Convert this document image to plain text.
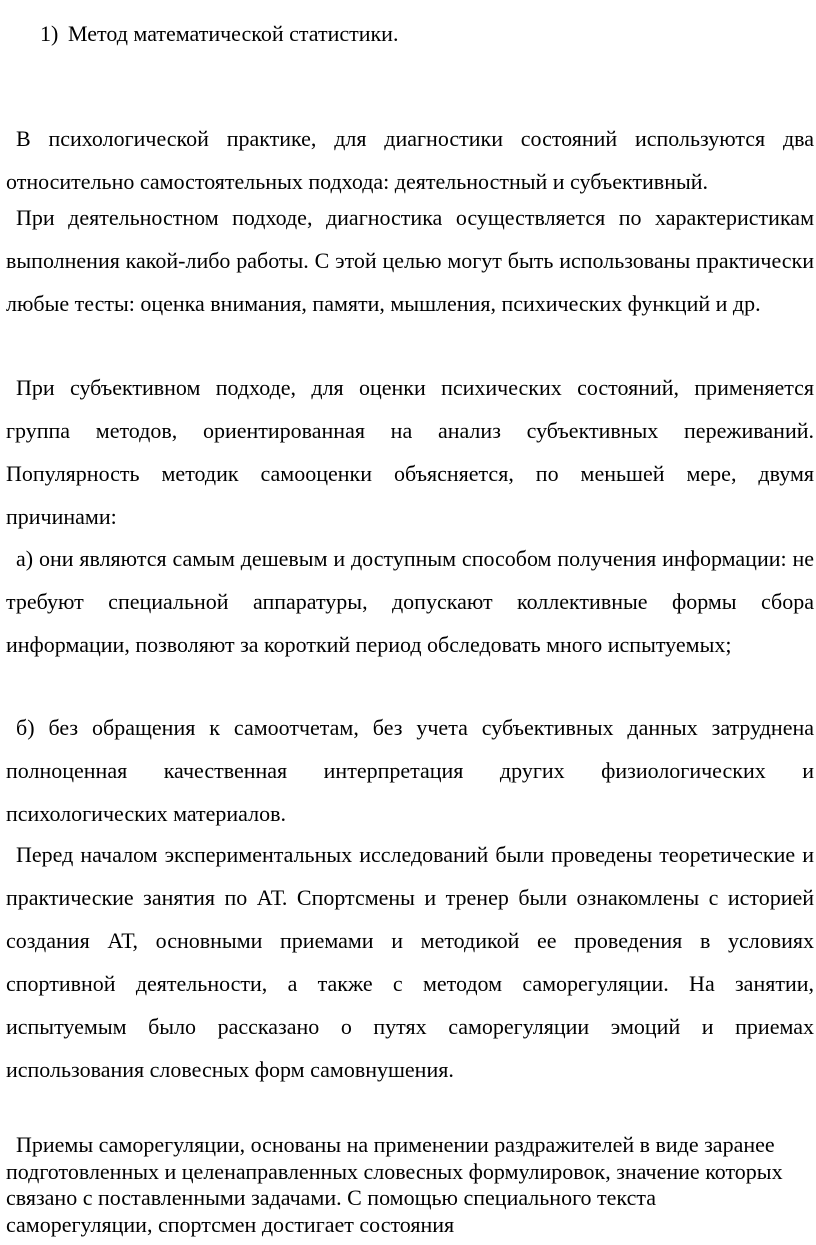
1) Метод математической статистики.

В психологической практике, для диагностики состояний используются два относительно самостоятельных подхода: деятельностный и субъективный.

При деятельностном подходе, диагностика осуществляется по характеристикам выполнения какой-либо работы. С этой целью могут быть использованы практически любые тесты: оценка внимания, памяти, мышления, психических функций и др.

При субъективном подходе, для оценки психических состояний, применяется группа методов, ориентированная на анализ субъективных переживаний. Популярность методик самооценки объясняется, по меньшей мере, двумя причинами:

а) они являются самым дешевым и доступным способом получения информации: не требуют специальной аппаратуры, допускают коллективные формы сбора информации, позволяют за короткий период обследовать много испытуемых;

б) без обращения к самоотчетам, без учета субъективных данных затруднена полноценная качественная интерпретация других физиологических и психологических материалов.

Перед началом экспериментальных исследований были проведены теоретические и практические занятия по АТ. Спортсмены и тренер были ознакомлены с историей создания АТ, основными приемами и методикой ее проведения в условиях спортивной деятельности, а также с методом саморегуляции. На занятии, испытуемым было рассказано о путях саморегуляции эмоций и приемах использования словесных форм самовнушения.

Приемы саморегуляции, основаны на применении раздражителей в виде заранее подготовленных и целенаправленных словесных формулировок, значение которых связано с поставленными задачами. С помощью специального текста саморегуляции, спортсмен достигает состояния
